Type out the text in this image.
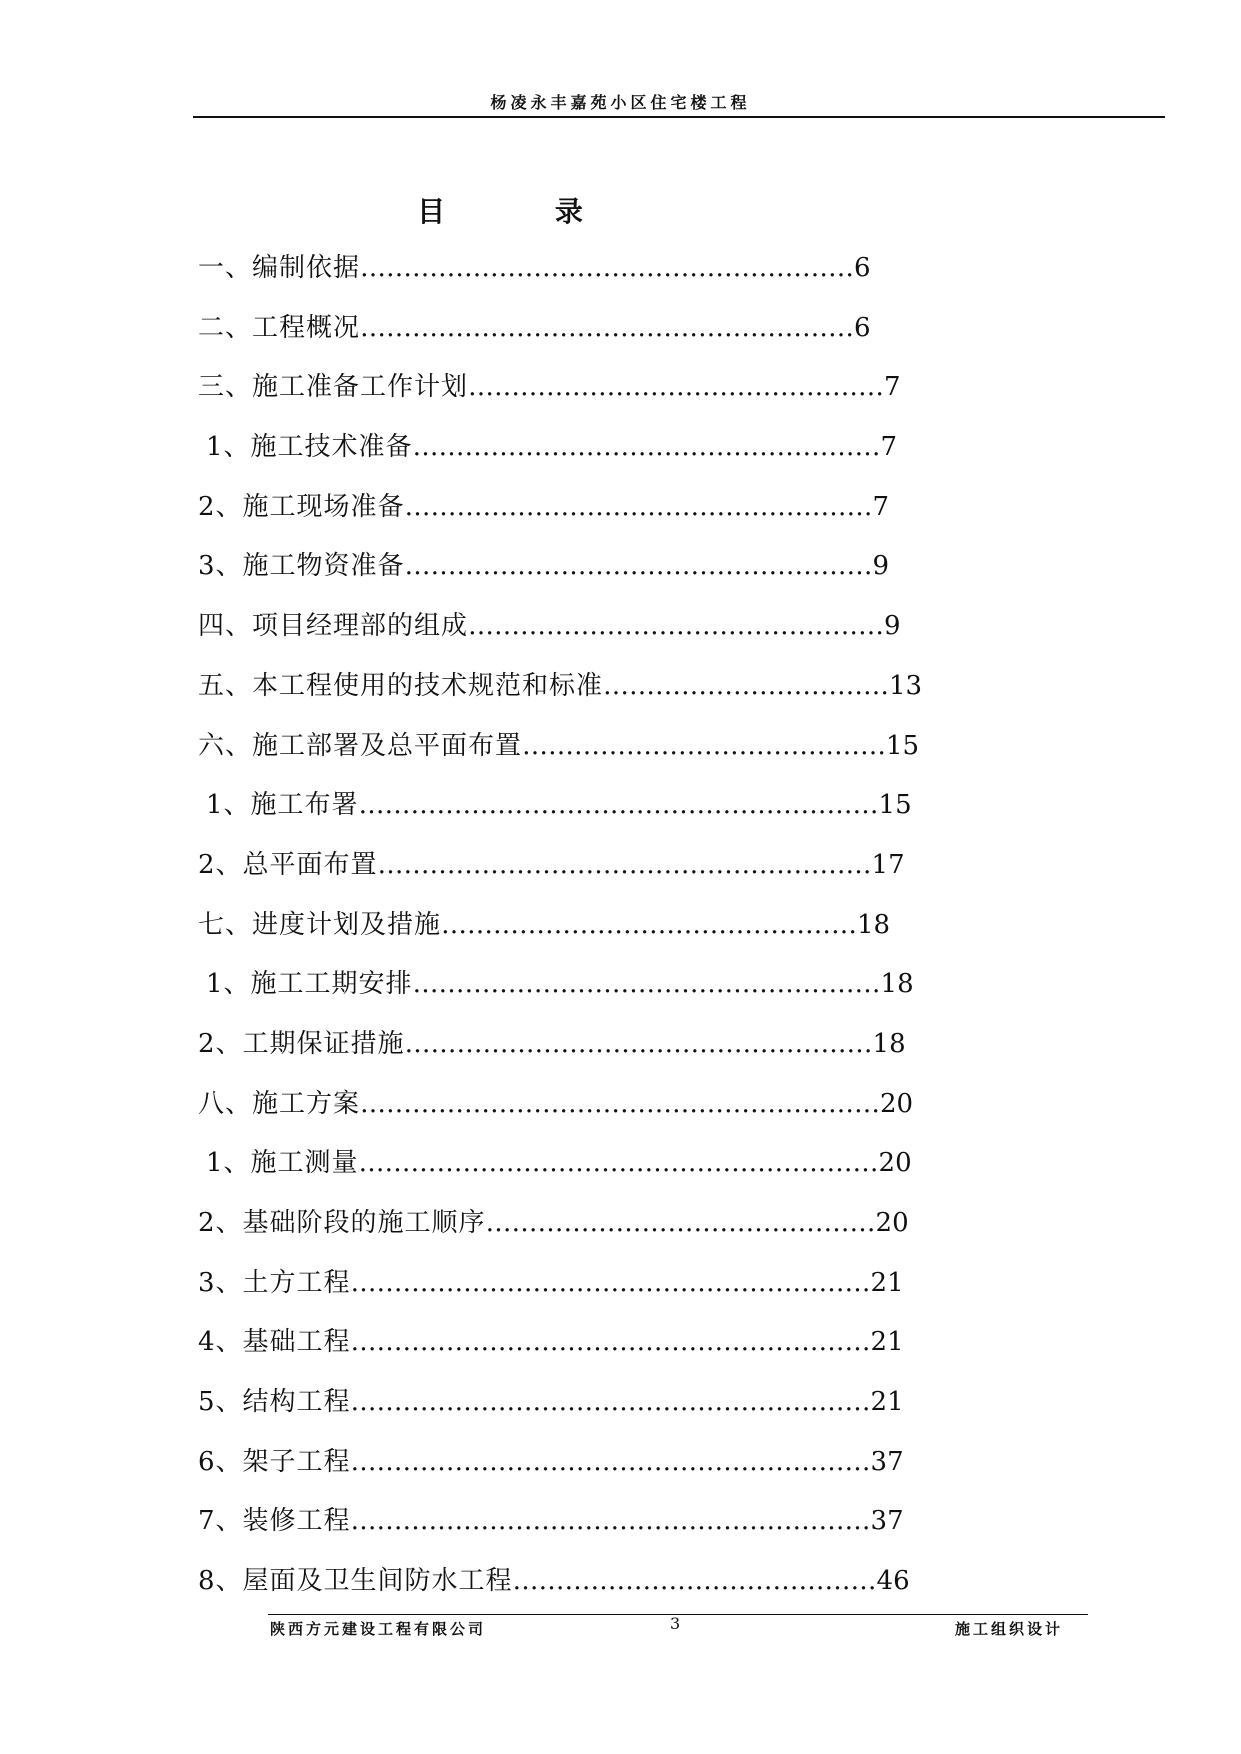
杨凌永丰嘉苑小区住宅楼工程
目 录
一、编制依据…………………………………………………6
二、工程概况…………………………………………………6
三、施工准备工作计划…………………………………………7
1、施工技术准备………………………………………………7
2、施工现场准备………………………………………………7
3、施工物资准备………………………………………………9
四、项目经理部的组成…………………………………………9
五、本工程使用的技术规范和标准……………………………13
六、施工部署及总平面布置……………………………………15
1、施工布署……………………………………………………15
2、总平面布置…………………………………………………17
七、进度计划及措施…………………………………………18
1、施工工期安排………………………………………………18
2、工期保证措施………………………………………………18
八、施工方案……………………………………………………20
1、施工测量……………………………………………………20
2、基础阶段的施工顺序………………………………………20
3、土方工程……………………………………………………21
4、基础工程……………………………………………………21
5、结构工程……………………………………………………21
6、架子工程……………………………………………………37
7、装修工程……………………………………………………37
8、屋面及卫生间防水工程……………………………………46
陕西方元建设工程有限公司	3	施工组织设计
